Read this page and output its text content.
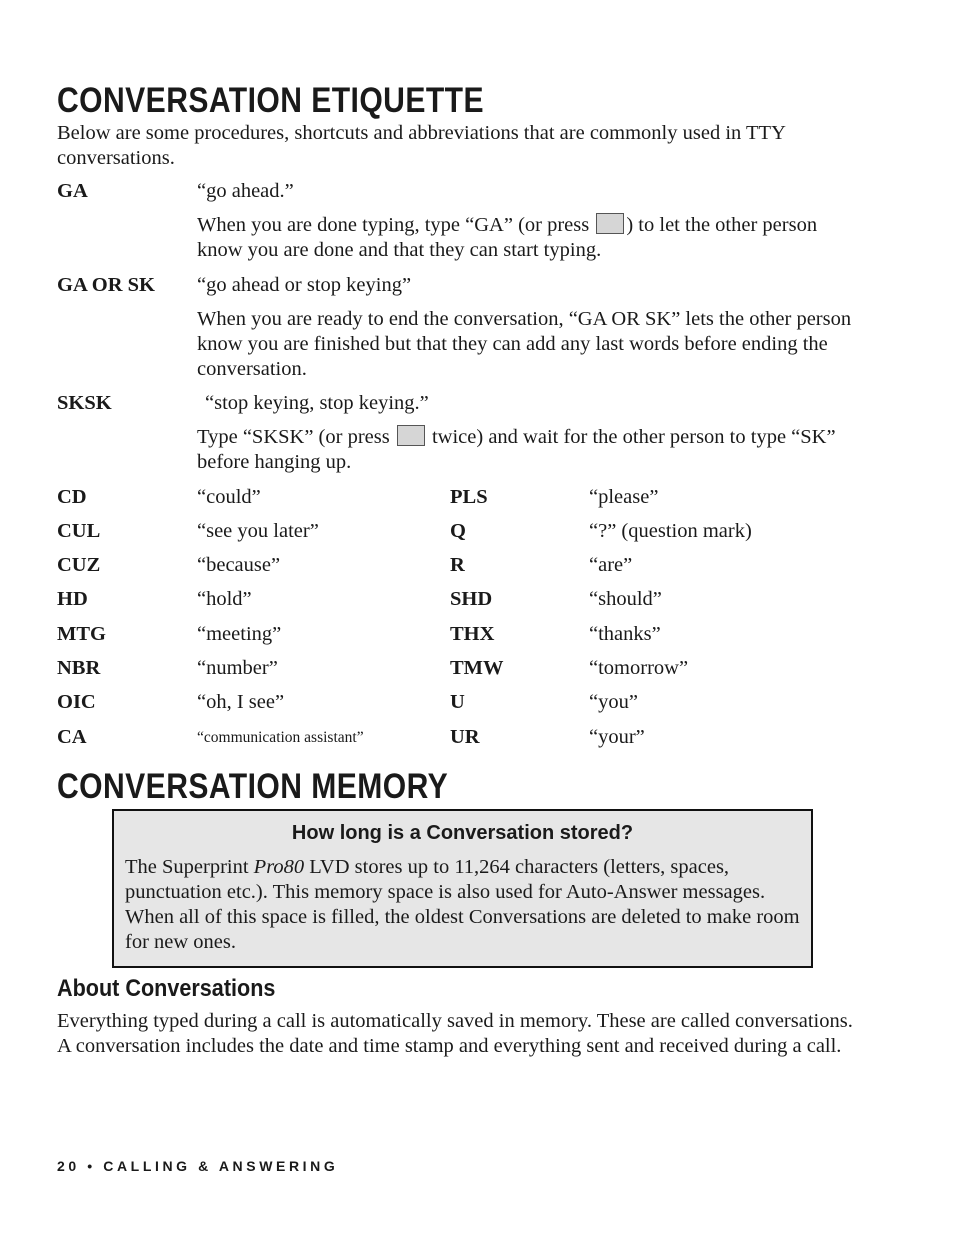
CONVERSATION ETIQUETTE

Below are some procedures, shortcuts and abbreviations that are commonly used in TTY conversations.

GA	“go ahead.”

When you are done typing, type “GA” (or press ) to let the other person know you are done and that they can start typing.

GA OR SK “go ahead or stop keying”

When you are ready to end the conversation, “GA OR SK” lets the other person know you are finished but that they can add any last words before ending the conversation.

SKSK	“stop keying, stop keying.”

Type “SKSK” (or press  twice) and wait for the other person to type “SK” before hanging up.

CD	“could”	PLS	“please”
CUL	“see you later”	Q	“?” (question mark)
CUZ	“because”	R	“are”
HD	“hold”	SHD	“should”
MTG	“meeting”	THX	“thanks”
NBR	“number”	TMW	“tomorrow”
OIC	“oh, I see”	U	“you”
CA	“communication assistant”	UR	“your”
CONVERSATION MEMORY
How long is a Conversation stored?

The Superprint Pro80 LVD stores up to 11,264 characters (letters, spaces, punctuation etc.). This memory space is also used for Auto-Answer messages. When all of this space is filled, the oldest Conversations are deleted to make room for new ones.

About Conversations

Everything typed during a call is automatically saved in memory. These are called conversations. A conversation includes the date and time stamp and everything sent and received during a call.

20 • CALLING & ANSWERING
